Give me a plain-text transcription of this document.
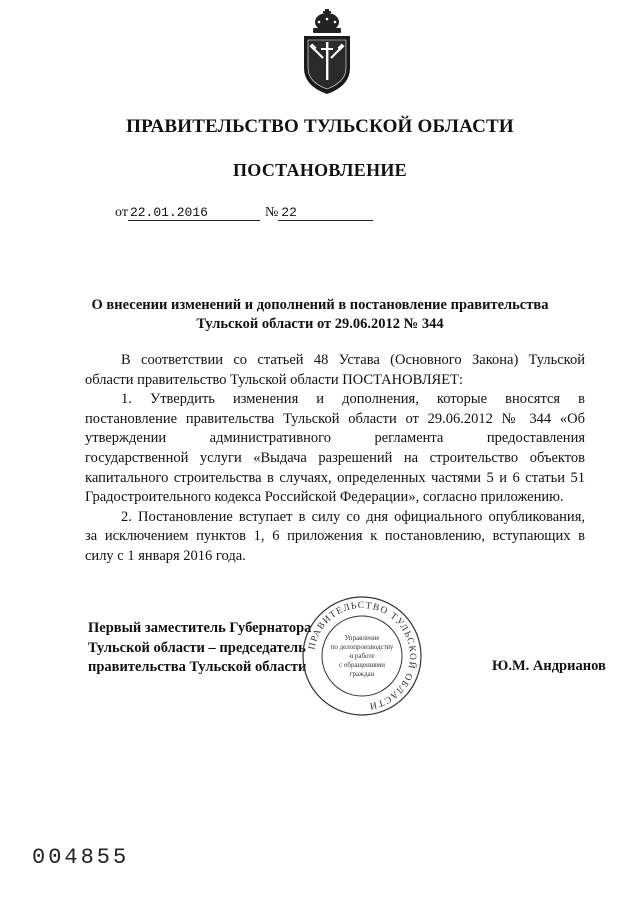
ПРАВИТЕЛЬСТВО ТУЛЬСКОЙ ОБЛАСТИ
ПОСТАНОВЛЕНИЕ
от 22.01.2016	№ 22
О внесении изменений и дополнений в постановление правительства
Тульской области от 29.06.2012 № 344

В соответствии со статьей 48 Устава (Основного Закона) Тульской

области правительство Тульской области ПОСТАНОВЛЯЕТ:

1. Утвердить изменения и дополнения, которые вносятся в

постановление правительства Тульской области от 29.06.2012 № 344 «Об
утверждении административного регламента предоставления
государственной услуги «Выдача разрешений на строительство объектов
капитального строительства в случаях, определенных частями 5 и 6 статьи 51
Градостроительного кодекса Российской Федерации», согласно приложению.

2. Постановление вступает в силу со дня официального опубликования,

за исключением пунктов 1, 6 приложения к постановлению, вступающих в
силу с 1 января 2016 года.
Первый заместитель Губернатора
Тульской области – председатель
правительства Тульской области	Ю.М. Андрианов
ПРАВИТЕЛЬСТВО ТУЛЬСКОЙ ОБЛАСТИ
Управление
по делопроизводству
и работе
с обращениями
граждан
004855
